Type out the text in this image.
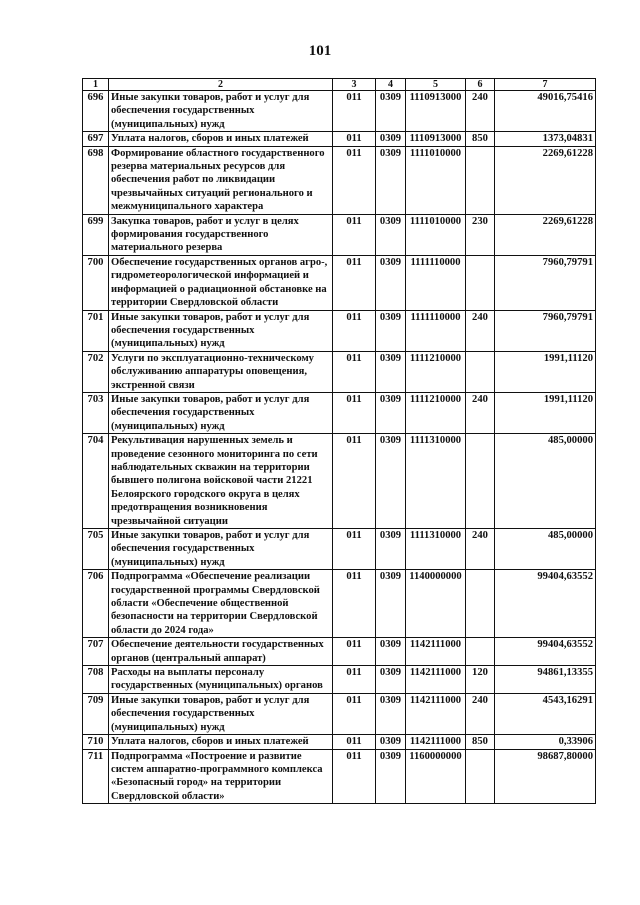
101
1	2	3	4	5	6	7
696	Иные закупки товаров, работ и услуг для обеспечения государственных (муниципальных) нужд	011	0309	1110913000	240	49016,75416
697	Уплата налогов, сборов и иных платежей	011	0309	1110913000	850	1373,04831
698	Формирование областного государственного резерва материальных ресурсов для обеспечения работ по ликвидации чрезвычайных ситуаций регионального и межмуниципального характера	011	0309	1111010000		2269,61228
699	Закупка товаров, работ и услуг в целях формирования государственного материального резерва	011	0309	1111010000	230	2269,61228
700	Обеспечение государственных органов агро-, гидрометеорологической информацией и информацией о радиационной обстановке на территории Свердловской области	011	0309	1111110000		7960,79791
701	Иные закупки товаров, работ и услуг для обеспечения государственных (муниципальных) нужд	011	0309	1111110000	240	7960,79791
702	Услуги по эксплуатационно-техническому обслуживанию аппаратуры оповещения, экстренной связи	011	0309	1111210000		1991,11120
703	Иные закупки товаров, работ и услуг для обеспечения государственных (муниципальных) нужд	011	0309	1111210000	240	1991,11120
704	Рекультивация нарушенных земель и проведение сезонного мониторинга по сети наблюдательных скважин на территории бывшего полигона войсковой части 21221 Белоярского городского округа в целях предотвращения возникновения чрезвычайной ситуации	011	0309	1111310000		485,00000
705	Иные закупки товаров, работ и услуг для обеспечения государственных (муниципальных) нужд	011	0309	1111310000	240	485,00000
706	Подпрограмма «Обеспечение реализации государственной программы Свердловской области «Обеспечение общественной безопасности на территории Свердловской области до 2024 года»	011	0309	1140000000		99404,63552
707	Обеспечение деятельности государственных органов (центральный аппарат)	011	0309	1142111000		99404,63552
708	Расходы на выплаты персоналу государственных (муниципальных) органов	011	0309	1142111000	120	94861,13355
709	Иные закупки товаров, работ и услуг для обеспечения государственных (муниципальных) нужд	011	0309	1142111000	240	4543,16291
710	Уплата налогов, сборов и иных платежей	011	0309	1142111000	850	0,33906
711	Подпрограмма «Построение и развитие систем аппаратно-программного комплекса «Безопасный город» на территории Свердловской области»	011	0309	1160000000		98687,80000
